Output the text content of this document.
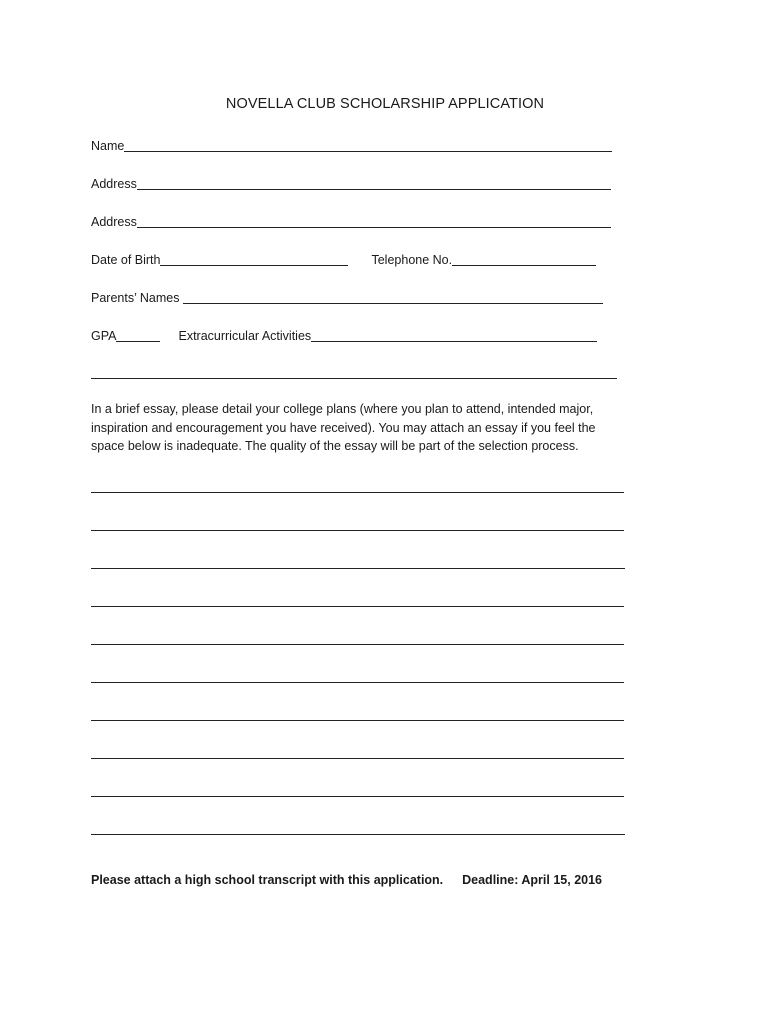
NOVELLA CLUB SCHOLARSHIP APPLICATION
Name
Address
Address
Date of Birth	Telephone No.
Parents’ Names
GPA	Extracurricular Activities
In a brief essay, please detail your college plans (where you plan to attend, intended major,
inspiration and encouragement you have received). You may attach an essay if you feel the
space below is inadequate. The quality of the essay will be part of the selection process.
Please attach a high school transcript with this application. Deadline: April 15, 2016
